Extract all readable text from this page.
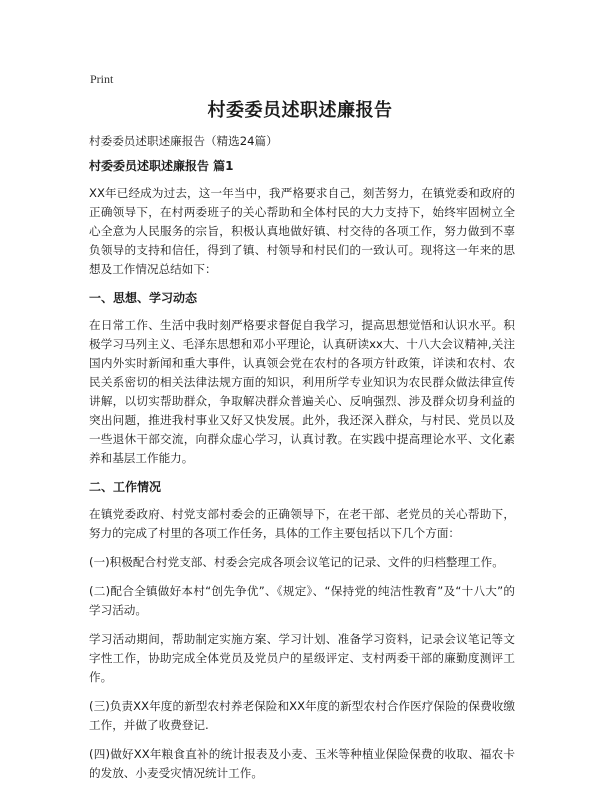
Print
村委委员述职述廉报告

村委委员述职述廉报告（精选24篇）

村委委员述职述廉报告 篇1

XX年已经成为过去，这一年当中，我严格要求自己，刻苦努力，在镇党委和政府的正确领导下，在村两委班子的关心帮助和全体村民的大力支持下，始终牢固树立全心全意为人民服务的宗旨，积极认真地做好镇、村交待的各项工作，努力做到不辜负领导的支持和信任，得到了镇、村领导和村民们的一致认可。现将这一年来的思想及工作情况总结如下：

一、思想、学习动态

在日常工作、生活中我时刻严格要求督促自我学习，提高思想觉悟和认识水平。积极学习马列主义、毛泽东思想和邓小平理论，认真研读xx大、十八大会议精神,关注国内外实时新闻和重大事件，认真领会党在农村的各项方针政策，详读和农村、农民关系密切的相关法律法规方面的知识，利用所学专业知识为农民群众做法律宣传讲解，以切实帮助群众，争取解决群众普遍关心、反响强烈、涉及群众切身利益的突出问题，推进我村事业又好又快发展。此外，我还深入群众，与村民、党员以及一些退休干部交流，向群众虚心学习，认真讨教。在实践中提高理论水平、文化素养和基层工作能力。

二、工作情况

在镇党委政府、村党支部村委会的正确领导下，在老干部、老党员的关心帮助下，努力的完成了村里的各项工作任务，具体的工作主要包括以下几个方面：

(一)积极配合村党支部、村委会完成各项会议笔记的记录、文件的归档整理工作。

(二)配合全镇做好本村“创先争优”、《规定》、“保持党的纯洁性教育”及“十八大”的学习活动。

学习活动期间，帮助制定实施方案、学习计划、准备学习资料，记录会议笔记等文字性工作，协助完成全体党员及党员户的星级评定、支村两委干部的廉勤度测评工作。

(三)负责XX年度的新型农村养老保险和XX年度的新型农村合作医疗保险的保费收缴工作，并做了收费登记.

(四)做好XX年粮食直补的统计报表及小麦、玉米等种植业保险保费的收取、福农卡的发放、小麦受灾情况统计工作。
